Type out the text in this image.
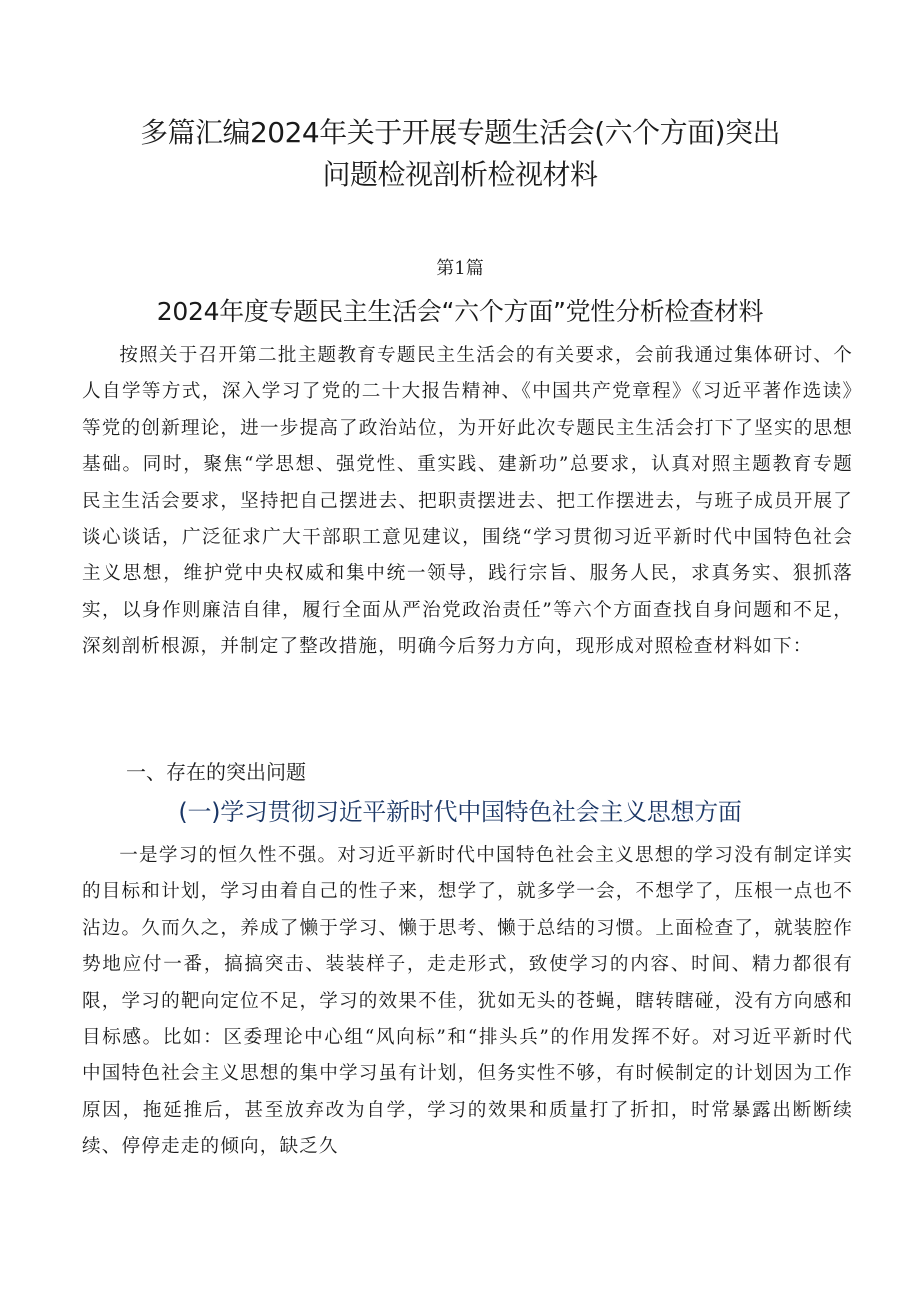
多篇汇编2024年关于开展专题生活会(六个方面)突出
问题检视剖析检视材料
第1篇
2024年度专题民主生活会“六个方面”党性分析检查材料

按照关于召开第二批主题教育专题民主生活会的有关要求，会前我通过集体研讨、个人自学等方式，深入学习了党的二十大报告精神、《中国共产党章程》《习近平著作选读》等党的创新理论，进一步提高了政治站位，为开好此次专题民主生活会打下了坚实的思想基础。同时，聚焦“学思想、强党性、重实践、建新功”总要求，认真对照主题教育专题民主生活会要求，坚持把自己摆进去、把职责摆进去、把工作摆进去，与班子成员开展了谈心谈话，广泛征求广大干部职工意见建议，围绕“学习贯彻习近平新时代中国特色社会主义思想，维护党中央权威和集中统一领导，践行宗旨、服务人民，求真务实、狠抓落实，以身作则廉洁自律，履行全面从严治党政治责任”等六个方面查找自身问题和不足，深刻剖析根源，并制定了整改措施，明确今后努力方向，现形成对照检查材料如下：

一、存在的突出问题
(一)学习贯彻习近平新时代中国特色社会主义思想方面

一是学习的恒久性不强。对习近平新时代中国特色社会主义思想的学习没有制定详实的目标和计划，学习由着自己的性子来，想学了，就多学一会，不想学了，压根一点也不沾边。久而久之，养成了懒于学习、懒于思考、懒于总结的习惯。上面检查了，就装腔作势地应付一番，搞搞突击、装装样子，走走形式，致使学习的内容、时间、精力都很有限，学习的靶向定位不足，学习的效果不佳，犹如无头的苍蝇，瞎转瞎碰，没有方向感和目标感。比如：区委理论中心组“风向标”和“排头兵”的作用发挥不好。对习近平新时代中国特色社会主义思想的集中学习虽有计划，但务实性不够，有时候制定的计划因为工作原因，拖延推后，甚至放弃改为自学，学习的效果和质量打了折扣，时常暴露出断断续续、停停走走的倾向，缺乏久
